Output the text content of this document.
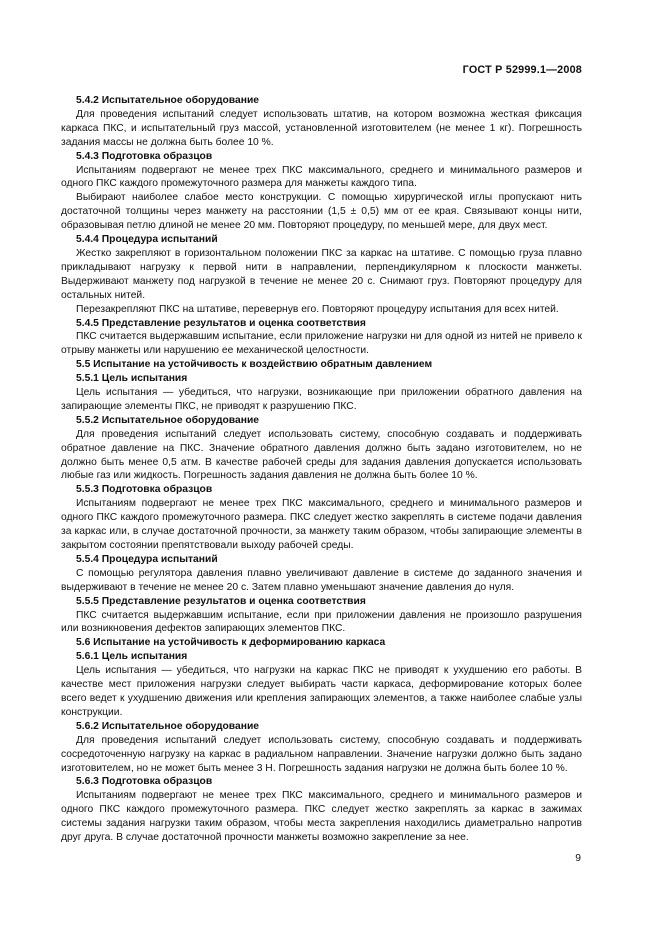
ГОСТ Р 52999.1—2008
5.4.2 Испытательное оборудование
Для проведения испытаний следует использовать штатив, на котором возможна жесткая фиксация каркаса ПКС, и испытательный груз массой, установленной изготовителем (не менее 1 кг). Погрешность задания массы не должна быть более 10 %.
5.4.3 Подготовка образцов
Испытаниям подвергают не менее трех ПКС максимального, среднего и минимального размеров и одного ПКС каждого промежуточного размера для манжеты каждого типа.
Выбирают наиболее слабое место конструкции. С помощью хирургической иглы пропускают нить достаточной толщины через манжету на расстоянии (1,5 ± 0,5) мм от ее края. Связывают концы нити, образовывая петлю длиной не менее 20 мм. Повторяют процедуру, по меньшей мере, для двух мест.
5.4.4 Процедура испытаний
Жестко закрепляют в горизонтальном положении ПКС за каркас на штативе. С помощью груза плавно прикладывают нагрузку к первой нити в направлении, перпендикулярном к плоскости манжеты. Выдерживают манжету под нагрузкой в течение не менее 20 с. Снимают груз. Повторяют процедуру для остальных нитей.
Перезакрепляют ПКС на штативе, перевернув его. Повторяют процедуру испытания для всех нитей.
5.4.5 Представление результатов и оценка соответствия
ПКС считается выдержавшим испытание, если приложение нагрузки ни для одной из нитей не привело к отрыву манжеты или нарушению ее механической целостности.
5.5 Испытание на устойчивость к воздействию обратным давлением
5.5.1 Цель испытания
Цель испытания — убедиться, что нагрузки, возникающие при приложении обратного давления на запирающие элементы ПКС, не приводят к разрушению ПКС.
5.5.2 Испытательное оборудование
Для проведения испытаний следует использовать систему, способную создавать и поддерживать обратное давление на ПКС. Значение обратного давления должно быть задано изготовителем, но не должно быть менее 0,5 атм. В качестве рабочей среды для задания давления допускается использовать любые газ или жидкость. Погрешность задания давления не должна быть более 10 %.
5.5.3 Подготовка образцов
Испытаниям подвергают не менее трех ПКС максимального, среднего и минимального размеров и одного ПКС каждого промежуточного размера. ПКС следует жестко закреплять в системе подачи давления за каркас или, в случае достаточной прочности, за манжету таким образом, чтобы запирающие элементы в закрытом состоянии препятствовали выходу рабочей среды.
5.5.4 Процедура испытаний
С помощью регулятора давления плавно увеличивают давление в системе до заданного значения и выдерживают в течение не менее 20 с. Затем плавно уменьшают значение давления до нуля.
5.5.5 Представление результатов и оценка соответствия
ПКС считается выдержавшим испытание, если при приложении давления не произошло разрушения или возникновения дефектов запирающих элементов ПКС.
5.6 Испытание на устойчивость к деформированию каркаса
5.6.1 Цель испытания
Цель испытания — убедиться, что нагрузки на каркас ПКС не приводят к ухудшению его работы. В качестве мест приложения нагрузки следует выбирать части каркаса, деформирование которых более всего ведет к ухудшению движения или крепления запирающих элементов, а также наиболее слабые узлы конструкции.
5.6.2 Испытательное оборудование
Для проведения испытаний следует использовать систему, способную создавать и поддерживать сосредоточенную нагрузку на каркас в радиальном направлении. Значение нагрузки должно быть задано изготовителем, но не может быть менее 3 Н. Погрешность задания нагрузки не должна быть более 10 %.
5.6.3 Подготовка образцов
Испытаниям подвергают не менее трех ПКС максимального, среднего и минимального размеров и одного ПКС каждого промежуточного размера. ПКС следует жестко закреплять за каркас в зажимах системы задания нагрузки таким образом, чтобы места закрепления находились диаметрально напротив друг друга. В случае достаточной прочности манжеты возможно закрепление за нее.
9
